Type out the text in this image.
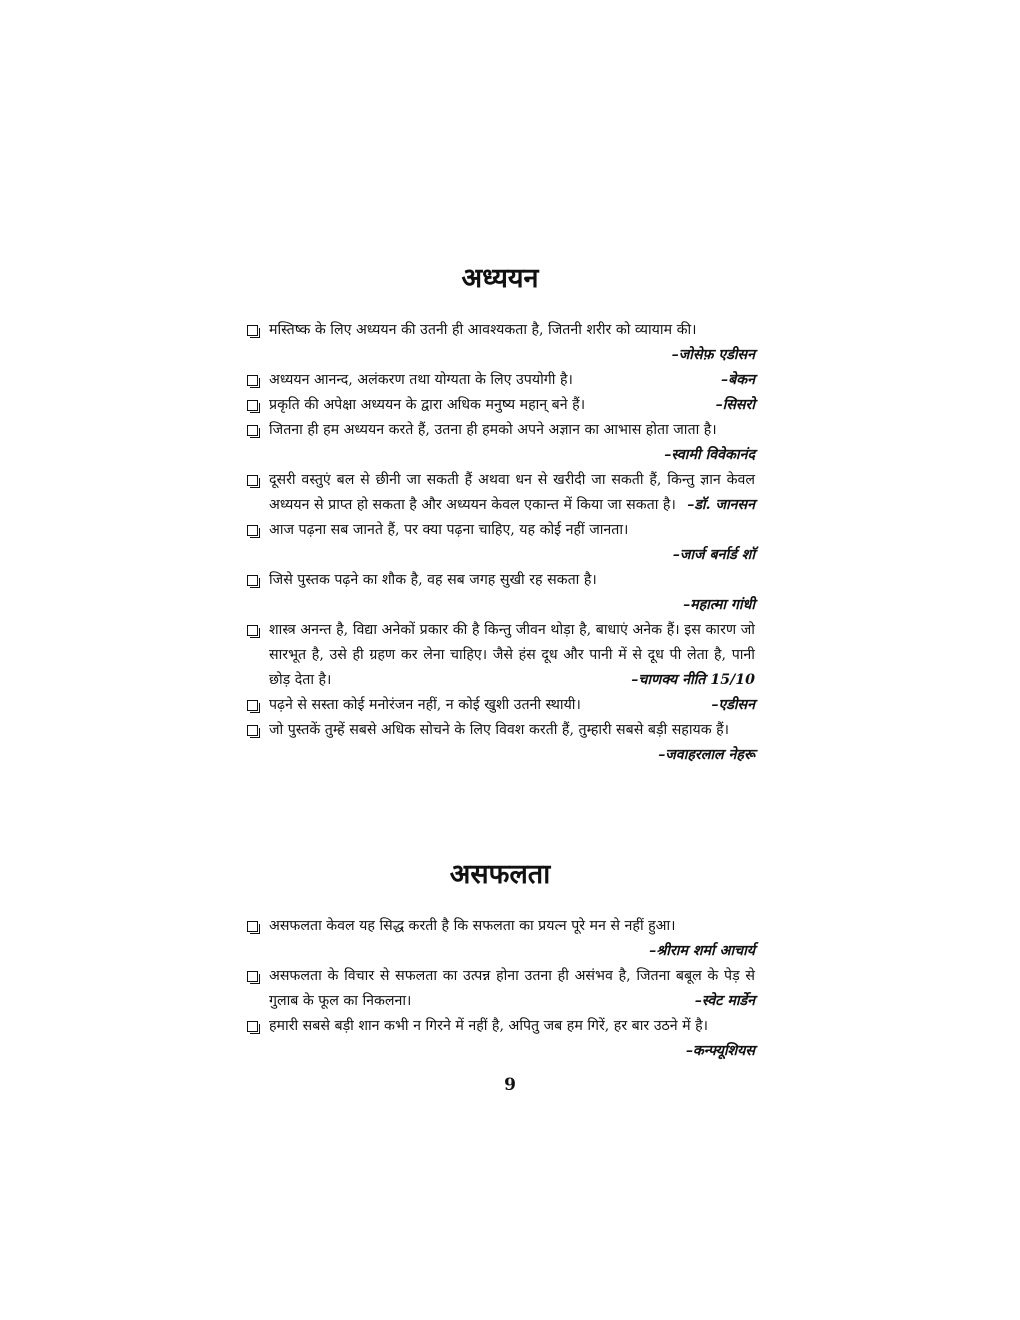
अध्ययन
मस्तिष्क के लिए अध्ययन की उतनी ही आवश्यकता है, जितनी शरीर को व्यायाम की।
–जोसेफ़ एडीसन
अध्ययन आनन्द, अलंकरण तथा योग्यता के लिए उपयोगी है।	–बेकन
प्रकृति की अपेक्षा अध्ययन के द्वारा अधिक मनुष्य महान् बने हैं।	–सिसरो
जितना ही हम अध्ययन करते हैं, उतना ही हमको अपने अज्ञान का आभास होता जाता है।
–स्वामी विवेकानंद
दूसरी वस्तुएं बल से छीनी जा सकती हैं अथवा धन से खरीदी जा सकती हैं, किन्तु ज्ञान केवल अध्ययन से प्राप्त हो सकता है और अध्ययन केवल एकान्त में किया जा सकता है। –डॉ. जानसन
आज पढ़ना सब जानते हैं, पर क्या पढ़ना चाहिए, यह कोई नहीं जानता।
–जार्ज बर्नार्ड शॉ
जिसे पुस्तक पढ़ने का शौक है, वह सब जगह सुखी रह सकता है।
–महात्मा गांधी
शास्त्र अनन्त है, विद्या अनेकों प्रकार की है किन्तु जीवन थोड़ा है, बाधाएं अनेक हैं। इस कारण जो सारभूत है, उसे ही ग्रहण कर लेना चाहिए। जैसे हंस दूध और पानी में से दूध पी लेता है, पानी छोड़ देता है।	–चाणक्य नीति 15/10
पढ़ने से सस्ता कोई मनोरंजन नहीं, न कोई खुशी उतनी स्थायी।	–एडीसन
जो पुस्तकें तुम्हें सबसे अधिक सोचने के लिए विवश करती हैं, तुम्हारी सबसे बड़ी सहायक हैं।
–जवाहरलाल नेहरू
असफलता
असफलता केवल यह सिद्ध करती है कि सफलता का प्रयत्न पूरे मन से नहीं हुआ।
–श्रीराम शर्मा आचार्य
असफलता के विचार से सफलता का उत्पन्न होना उतना ही असंभव है, जितना बबूल के पेड़ से गुलाब के फूल का निकलना।	–स्वेट मार्डेन
हमारी सबसे बड़ी शान कभी न गिरने में नहीं है, अपितु जब हम गिरें, हर बार उठने में है।
–कन्फ्यूशियस
9
